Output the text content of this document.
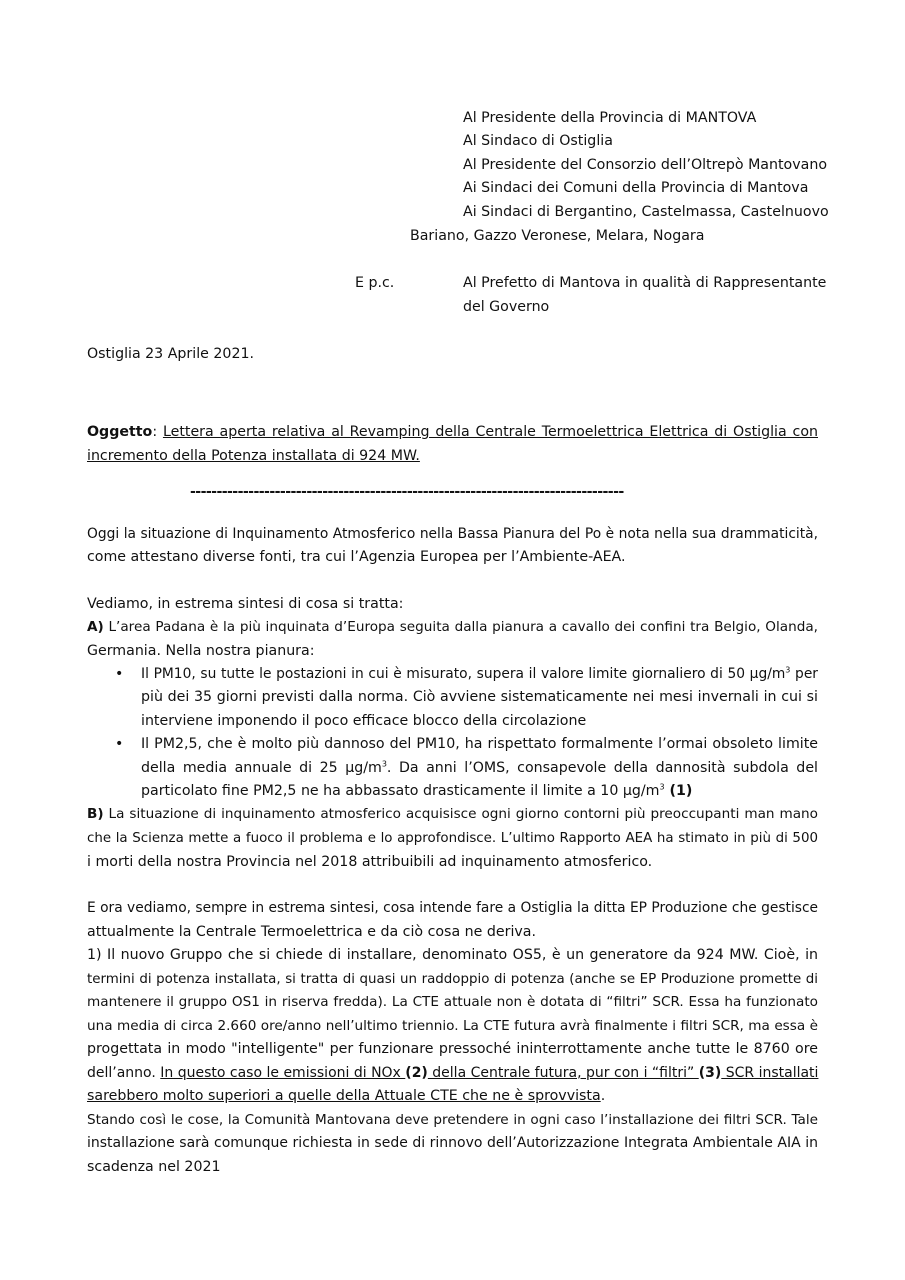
Al Presidente della Provincia di MANTOVA
Al Sindaco di Ostiglia
Al Presidente del Consorzio dell’Oltrepò Mantovano
Ai Sindaci dei Comuni della Provincia di Mantova
Ai Sindaci di Bergantino, Castelmassa, Castelnuovo
Bariano, Gazzo Veronese, Melara, Nogara
E p.c.	Al Prefetto di Mantova in qualità di Rappresentante
del Governo
Ostiglia 23 Aprile 2021.
Oggetto: Lettera aperta relativa al Revamping della Centrale Termoelettrica Elettrica di Ostiglia con
incremento della Potenza installata di 924 MW.
----------------------------------------------------------------------------------
Oggi la situazione di Inquinamento Atmosferico nella Bassa Pianura del Po è nota nella sua drammaticità,
come attestano diverse fonti, tra cui l’Agenzia Europea per l’Ambiente-AEA.
Vediamo, in estrema sintesi di cosa si tratta:
A) L’area Padana è la più inquinata d’Europa seguita dalla pianura a cavallo dei confini tra Belgio, Olanda,
Germania. Nella nostra pianura:
• Il PM10, su tutte le postazioni in cui è misurato, supera il valore limite giornaliero di 50 $\mu g/m^3$ per
più dei 35 giorni previsti dalla norma. Ciò avviene sistematicamente nei mesi invernali in cui si
interviene imponendo il poco efficace blocco della circolazione
• Il PM2,5, che è molto più dannoso del PM10, ha rispettato formalmente l’ormai obsoleto limite
della media annuale di 25 $\mu g/m^3$. Da anni l’OMS, consapevole della dannosità subdola del
particolato fine PM2,5 ne ha abbassato drasticamente il limite a 10 $\mu g/m^3$ (1)
B) La situazione di inquinamento atmosferico acquisisce ogni giorno contorni più preoccupanti man mano
che la Scienza mette a fuoco il problema e lo approfondisce. L’ultimo Rapporto AEA ha stimato in più di 500
i morti della nostra Provincia nel 2018 attribuibili ad inquinamento atmosferico.
E ora vediamo, sempre in estrema sintesi, cosa intende fare a Ostiglia la ditta EP Produzione che gestisce
attualmente la Centrale Termoelettrica e da ciò cosa ne deriva.
1) Il nuovo Gruppo che si chiede di installare, denominato OS5, è un generatore da 924 MW. Cioè, in
termini di potenza installata, si tratta di quasi un raddoppio di potenza (anche se EP Produzione promette di
mantenere il gruppo OS1 in riserva fredda). La CTE attuale non è dotata di “filtri” SCR. Essa ha funzionato
una media di circa 2.660 ore/anno nell’ultimo triennio. La CTE futura avrà finalmente i filtri SCR, ma essa è
progettata in modo "intelligente" per funzionare pressoché ininterrottamente anche tutte le 8760 ore
dell’anno. In questo caso le emissioni di NOx (2) della Centrale futura, pur con i “filtri” (3) SCR installati
sarebbero molto superiori a quelle della Attuale CTE che ne è sprovvista.
Stando così le cose, la Comunità Mantovana deve pretendere in ogni caso l’installazione dei filtri SCR. Tale
installazione sarà comunque richiesta in sede di rinnovo dell’Autorizzazione Integrata Ambientale AIA in
scadenza nel 2021
